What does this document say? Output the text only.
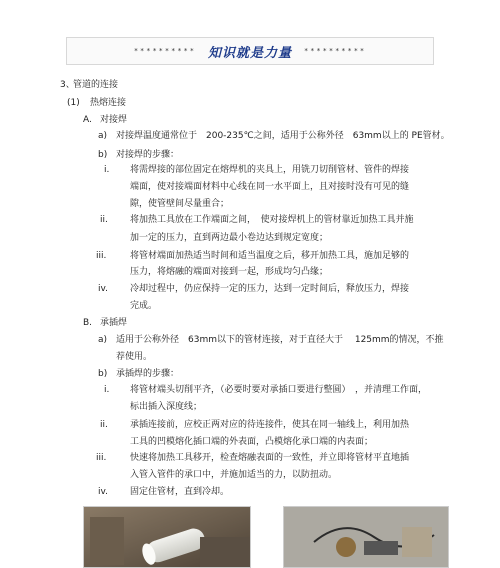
********** 知识就是力量 **********
3、
管道的连接
(1) 热熔连接
A. 对接焊
a) 对接焊温度通常位于　200-235℃之间，适用于公称外径　63mm以上的 PE管材。
b) 对接焊的步骤：
i. 将需焊接的部位固定在熔焊机的夹具上，用铣刀切削管材、管件的焊接
端面，使对接端面材料中心线在同一水平面上，且对接时没有可见的缝
隙，使管壁间尽量重合；
ii. 将加热工具放在工作端面之间，　使对接焊机上的管材靠近加热工具并施
加一定的压力，直到两边最小卷边达到规定宽度；
iii.	将管材端面加热适当时间和适当温度之后，移开加热工具，施加足够的
压力，将熔融的端面对接到一起，形成均匀凸缘；
iv. 冷却过程中，仍应保持一定的压力，达到一定时间后，释放压力，焊接
完成。
B. 承插焊
a) 适用于公称外径　63mm以下的管材连接，对于直径大于　 125mm的情况，不推
荐使用。
b) 承插焊的步骤：
i. 将管材端头切削平齐，（必要时要对承插口要进行整圆）　，并清理工作面，
标出插入深度线；
ii. 承插连接前，应校正两对应的待连接件，使其在同一轴线上，利用加热
工具的凹模熔化插口端的外表面，凸模熔化承口端的内表面；
iii.	快速将加热工具移开，检查熔融表面的一致性，并立即将管材平直地插
入管入管件的承口中，并施加适当的力，以防扭动。
iv. 固定住管材，直到冷却。
